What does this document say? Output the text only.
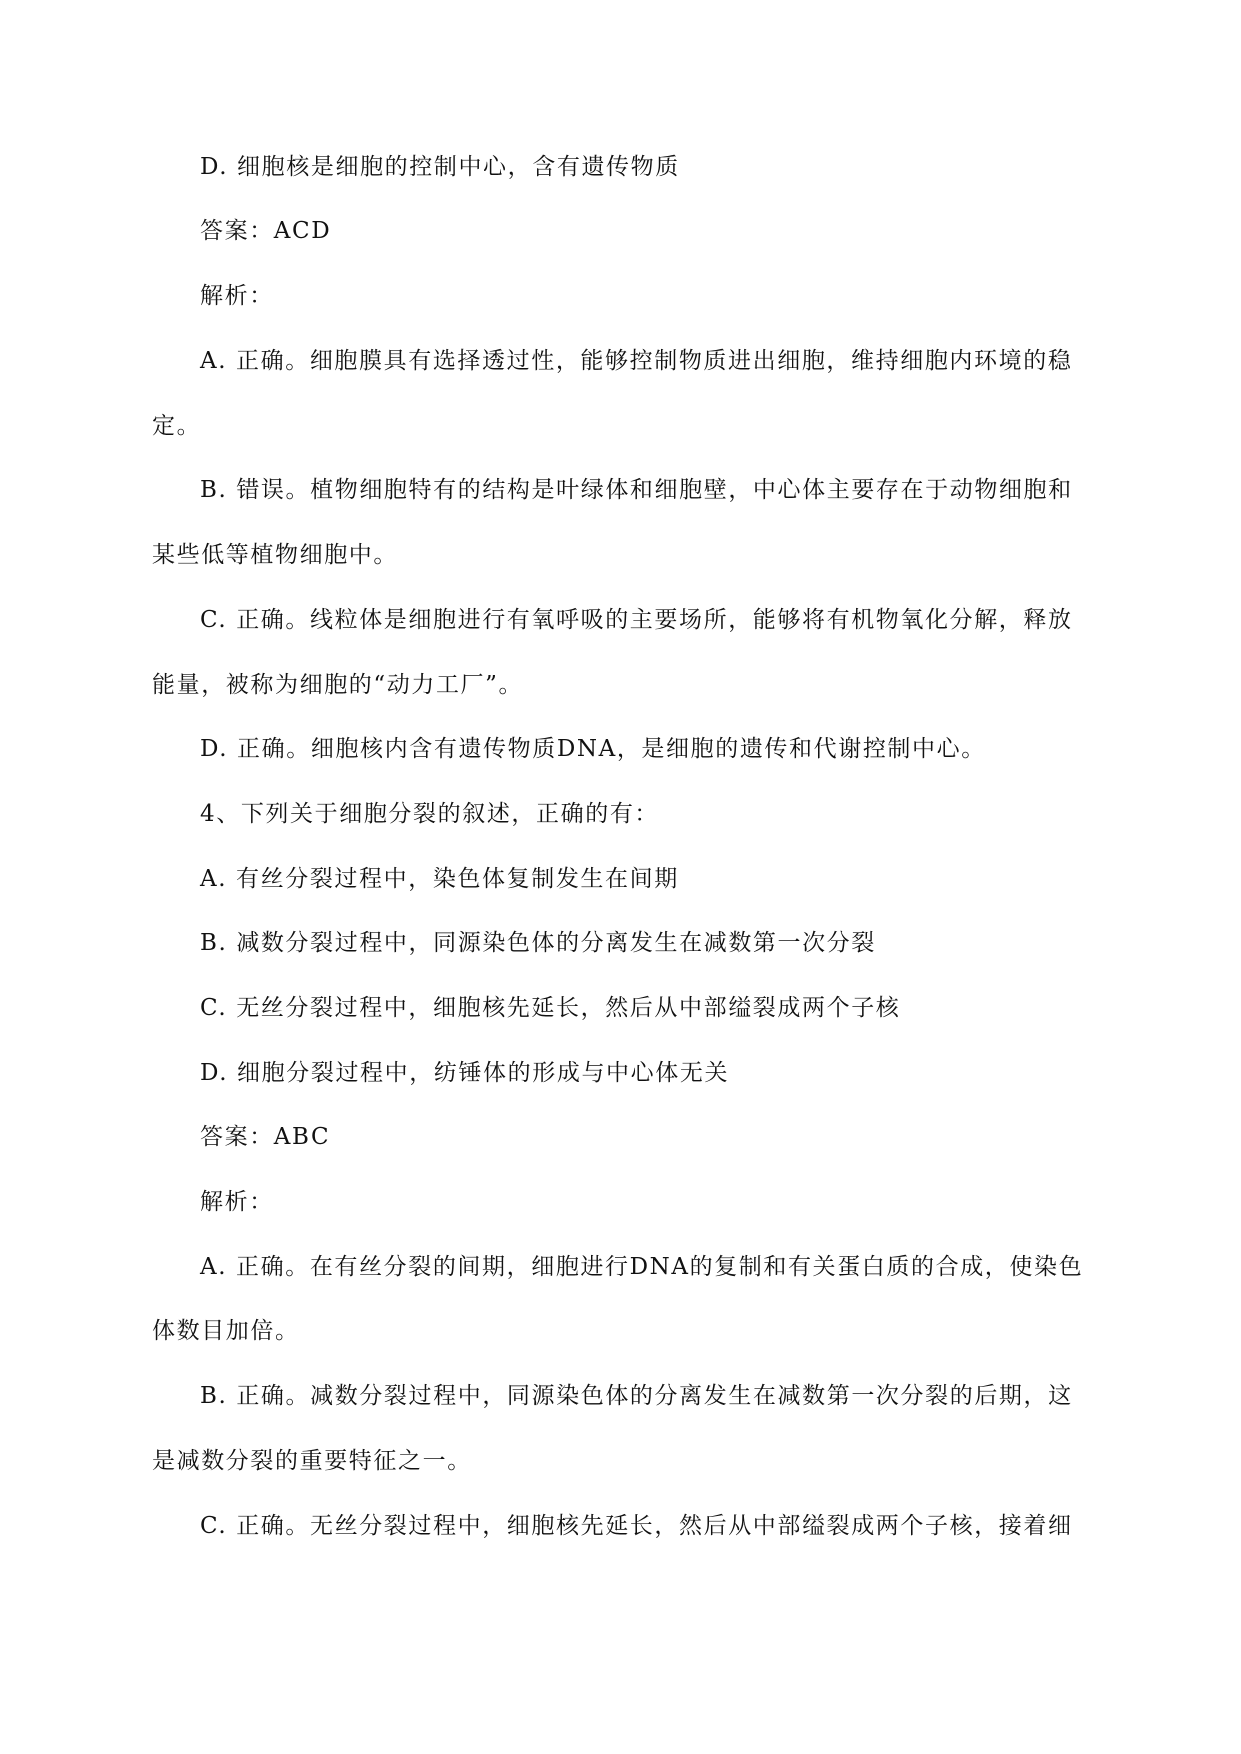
D. 细胞核是细胞的控制中心，含有遗传物质
答案：ACD
解析：
A. 正确。细胞膜具有选择透过性，能够控制物质进出细胞，维持细胞内环境的稳
定。
B. 错误。植物细胞特有的结构是叶绿体和细胞壁，中心体主要存在于动物细胞和
某些低等植物细胞中。
C. 正确。线粒体是细胞进行有氧呼吸的主要场所，能够将有机物氧化分解，释放
能量，被称为细胞的“动力工厂”。
D. 正确。细胞核内含有遗传物质DNA，是细胞的遗传和代谢控制中心。
4、下列关于细胞分裂的叙述，正确的有：
A. 有丝分裂过程中，染色体复制发生在间期
B. 减数分裂过程中，同源染色体的分离发生在减数第一次分裂
C. 无丝分裂过程中，细胞核先延长，然后从中部缢裂成两个子核
D. 细胞分裂过程中，纺锤体的形成与中心体无关
答案：ABC
解析：
A. 正确。在有丝分裂的间期，细胞进行DNA的复制和有关蛋白质的合成，使染色
体数目加倍。
B. 正确。减数分裂过程中，同源染色体的分离发生在减数第一次分裂的后期，这
是减数分裂的重要特征之一。
C. 正确。无丝分裂过程中，细胞核先延长，然后从中部缢裂成两个子核，接着细
